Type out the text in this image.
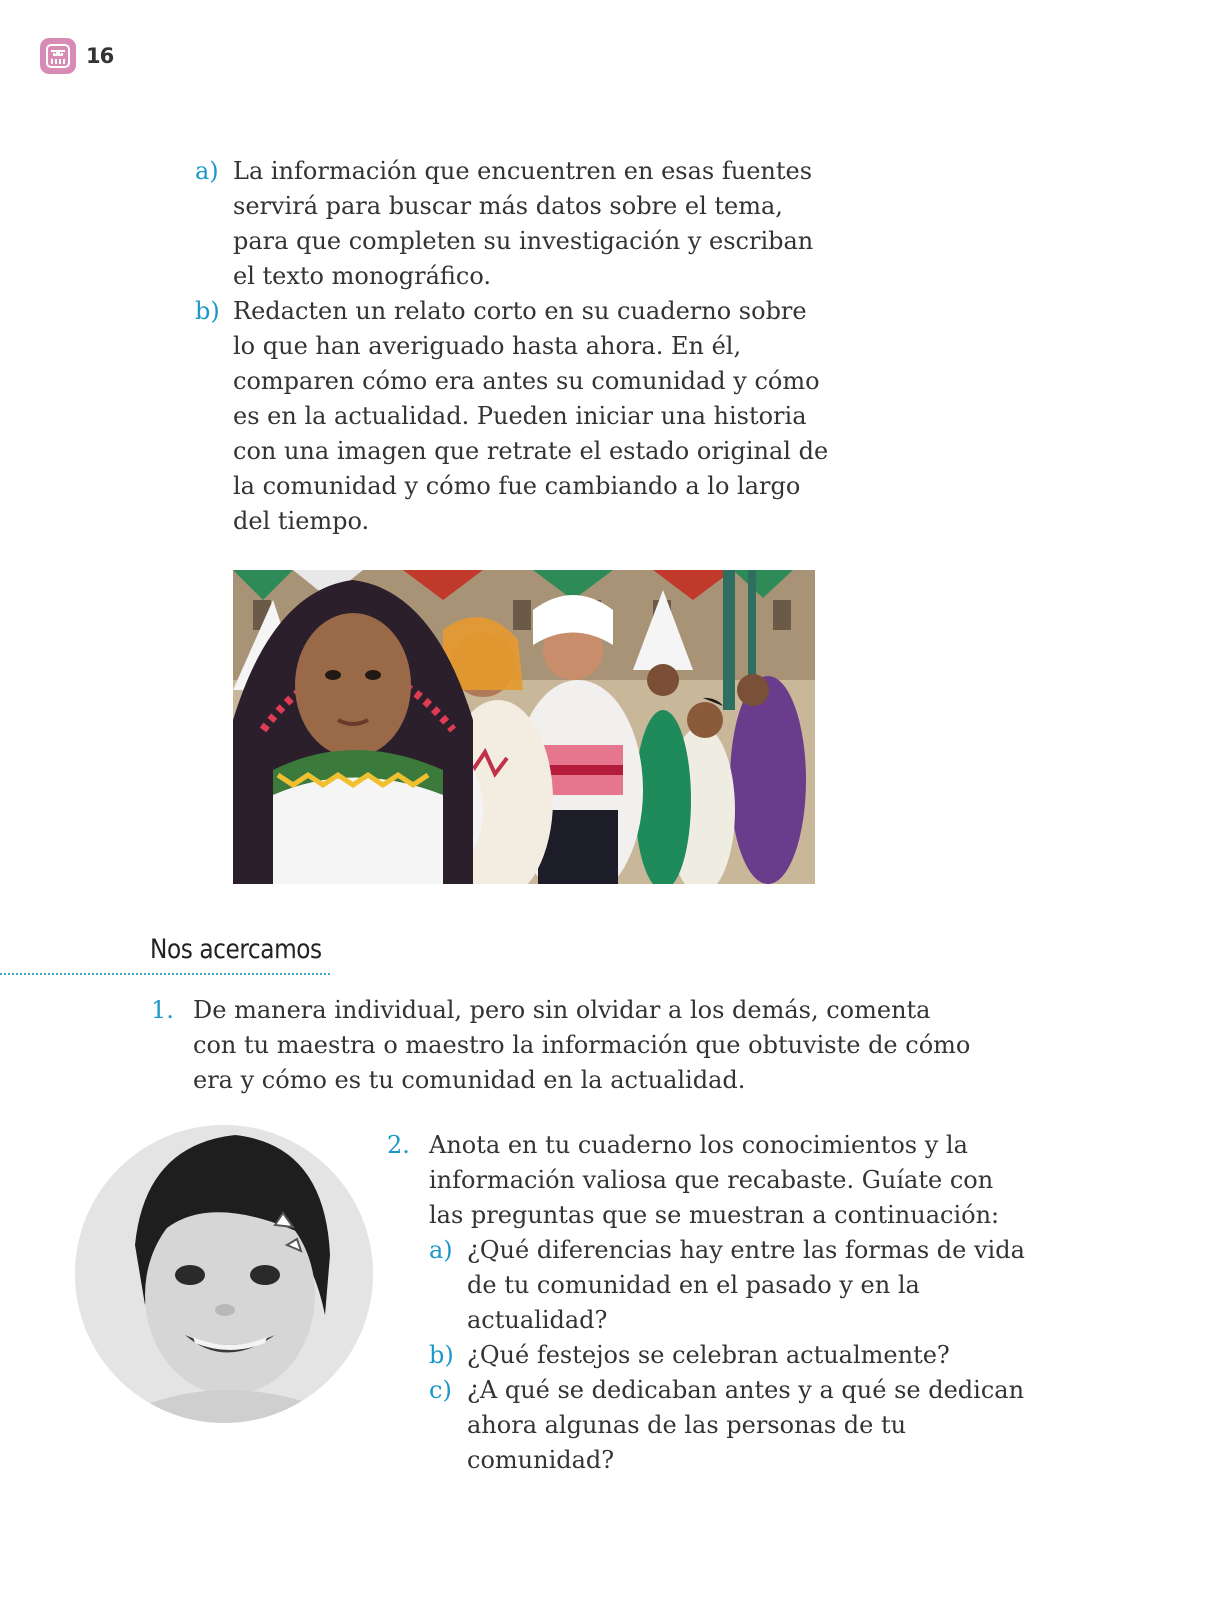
16
a) La información que encuentren en esas fuentes servirá para buscar más datos sobre el tema, para que completen su investigación y escriban el texto monográfico.
b) Redacten un relato corto en su cuaderno sobre lo que han averiguado hasta ahora. En él, comparen cómo era antes su comunidad y cómo es en la actualidad. Pueden iniciar una historia con una imagen que retrate el estado original de la comunidad y cómo fue cambiando a lo largo del tiempo.
Nos acercamos
1. De manera individual, pero sin olvidar a los demás, comenta con tu maestra o maestro la información que obtuviste de cómo era y cómo es tu comunidad en la actualidad.
2. Anota en tu cuaderno los conocimientos y la información valiosa que recabaste. Guíate con las preguntas que se muestran a continuación:
a) ¿Qué diferencias hay entre las formas de vida de tu comunidad en el pasado y en la actualidad?
b) ¿Qué festejos se celebran actualmente?
c) ¿A qué se dedicaban antes y a qué se dedican ahora algunas de las personas de tu comunidad?
